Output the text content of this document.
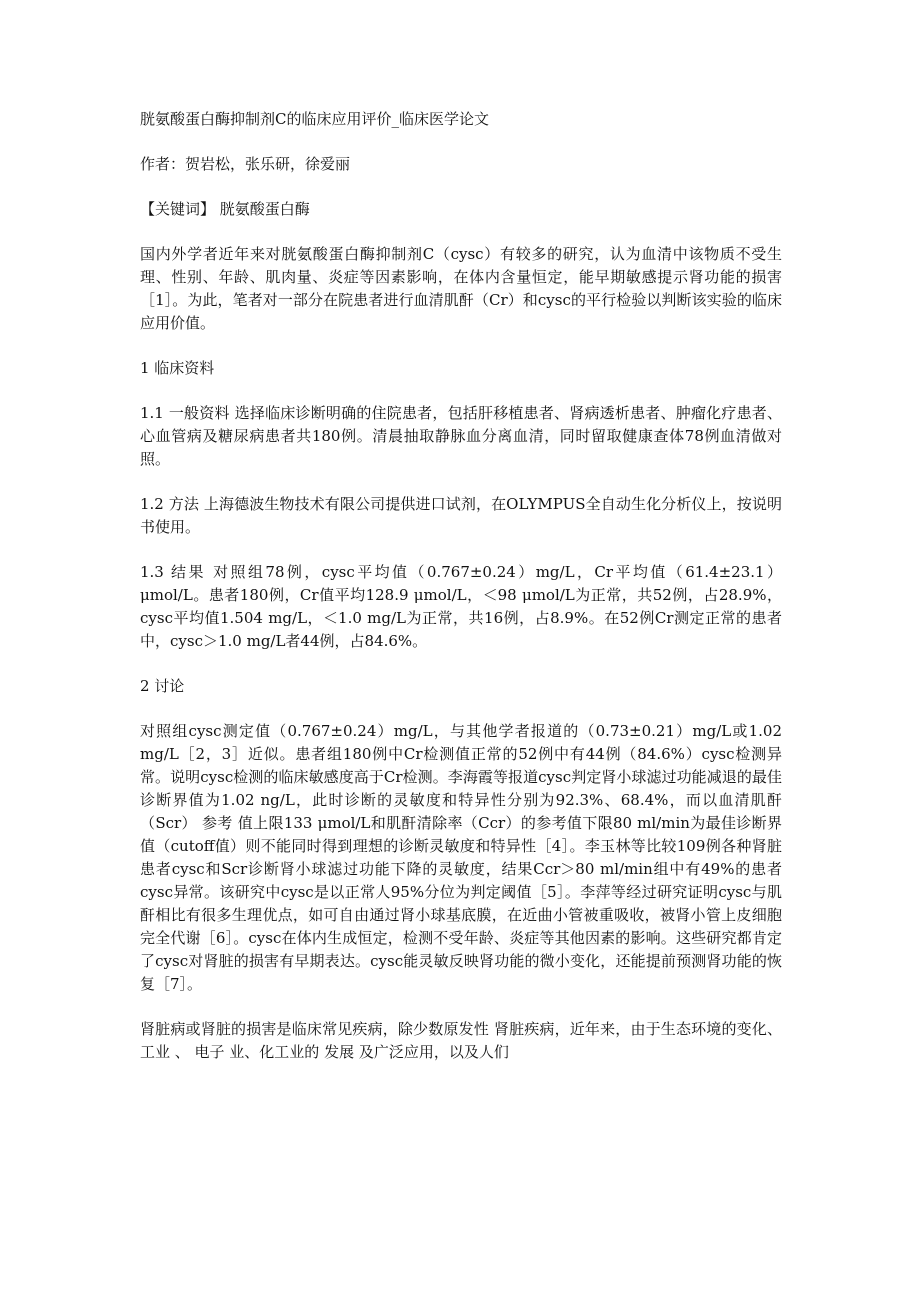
胱氨酸蛋白酶抑制剂C的临床应用评价_临床医学论文

作者：贺岩松，张乐研，徐爱丽

【关键词】 胱氨酸蛋白酶

国内外学者近年来对胱氨酸蛋白酶抑制剂C（cysc）有较多的研究，认为血清中该物质不受生理、性别、年龄、肌肉量、炎症等因素影响，在体内含量恒定，能早期敏感提示肾功能的损害［1］。为此，笔者对一部分在院患者进行血清肌酐（Cr）和cysc的平行检验以判断该实验的临床应用价值。

1 临床资料

1.1 一般资料 选择临床诊断明确的住院患者，包括肝移植患者、肾病透析患者、肿瘤化疗患者、心血管病及糖尿病患者共180例。清晨抽取静脉血分离血清，同时留取健康查体78例血清做对照。

1.2 方法 上海德波生物技术有限公司提供进口试剂，在OLYMPUS全自动生化分析仪上，按说明书使用。

1.3 结果 对照组78例，cysc平均值（0.767±0.24）mg/L，Cr平均值（61.4±23.1）μmol/L。患者180例，Cr值平均128.9 μmol/L，＜98 μmol/L为正常，共52例，占28.9%，cysc平均值1.504 mg/L，＜1.0 mg/L为正常，共16例，占8.9%。在52例Cr测定正常的患者中，cysc＞1.0 mg/L者44例，占84.6%。

2 讨论

对照组cysc测定值（0.767±0.24）mg/L，与其他学者报道的（0.73±0.21）mg/L或1.02 mg/L［2，3］近似。患者组180例中Cr检测值正常的52例中有44例（84.6%）cysc检测异常。说明cysc检测的临床敏感度高于Cr检测。李海霞等报道cysc判定肾小球滤过功能减退的最佳诊断界值为1.02 ng/L，此时诊断的灵敏度和特异性分别为92.3%、68.4%，而以血清肌酐（Scr） 参考 值上限133 μmol/L和肌酐清除率（Ccr）的参考值下限80 ml/min为最佳诊断界值（cutoff值）则不能同时得到理想的诊断灵敏度和特异性［4］。李玉林等比较109例各种肾脏患者cysc和Scr诊断肾小球滤过功能下降的灵敏度，结果Ccr＞80 ml/min组中有49%的患者cysc异常。该研究中cysc是以正常人95%分位为判定阈值［5］。李萍等经过研究证明cysc与肌酐相比有很多生理优点，如可自由通过肾小球基底膜，在近曲小管被重吸收，被肾小管上皮细胞完全代谢［6］。cysc在体内生成恒定，检测不受年龄、炎症等其他因素的影响。这些研究都肯定了cysc对肾脏的损害有早期表达。cysc能灵敏反映肾功能的微小变化，还能提前预测肾功能的恢复［7］。

肾脏病或肾脏的损害是临床常见疾病，除少数原发性 肾脏疾病，近年来，由于生态环境的变化、 工业 、 电子 业、化工业的 发展 及广泛应用，以及人们
